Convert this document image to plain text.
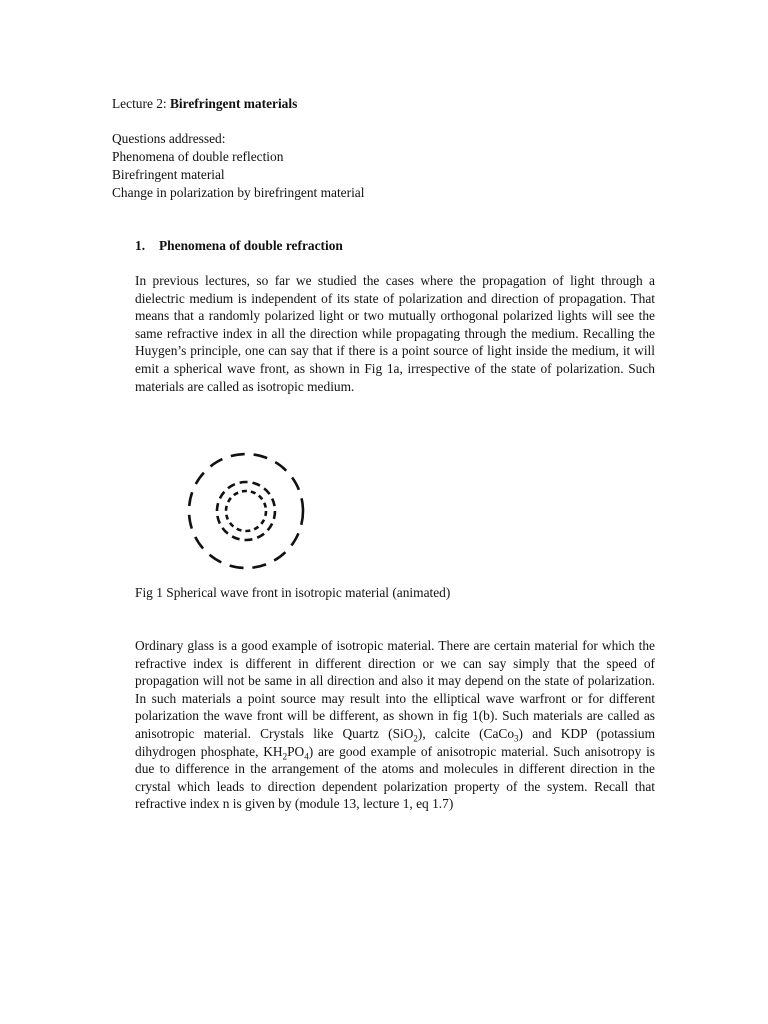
Lecture 2: Birefringent materials
Questions addressed:
Phenomena of double reflection
Birefringent material
Change in polarization by birefringent material
1. Phenomena of double refraction
In previous lectures, so far we studied the cases where the propagation of light through a dielectric medium is independent of its state of polarization and direction of propagation. That means that a randomly polarized light or two mutually orthogonal polarized lights will see the same refractive index in all the direction while propagating through the medium. Recalling the Huygen’s principle, one can say that if there is a point source of light inside the medium, it will emit a spherical wave front, as shown in Fig 1a, irrespective of the state of polarization. Such materials are called as isotropic medium.
Fig 1 Spherical wave front in isotropic material (animated)
Ordinary glass is a good example of isotropic material. There are certain material for which the refractive index is different in different direction or we can say simply that the speed of propagation will not be same in all direction and also it may depend on the state of polarization. In such materials a point source may result into the elliptical wave warfront or for different polarization the wave front will be different, as shown in fig 1(b). Such materials are called as anisotropic material. Crystals like Quartz (SiO$_2$), calcite (CaCo$_3$) and KDP (potassium dihydrogen phosphate, $KH_2PO_4$) are good example of anisotropic material. Such anisotropy is due to difference in the arrangement of the atoms and molecules in different direction in the crystal which leads to direction dependent polarization property of the system. Recall that refractive index n is given by (module 13, lecture 1, eq 1.7)
